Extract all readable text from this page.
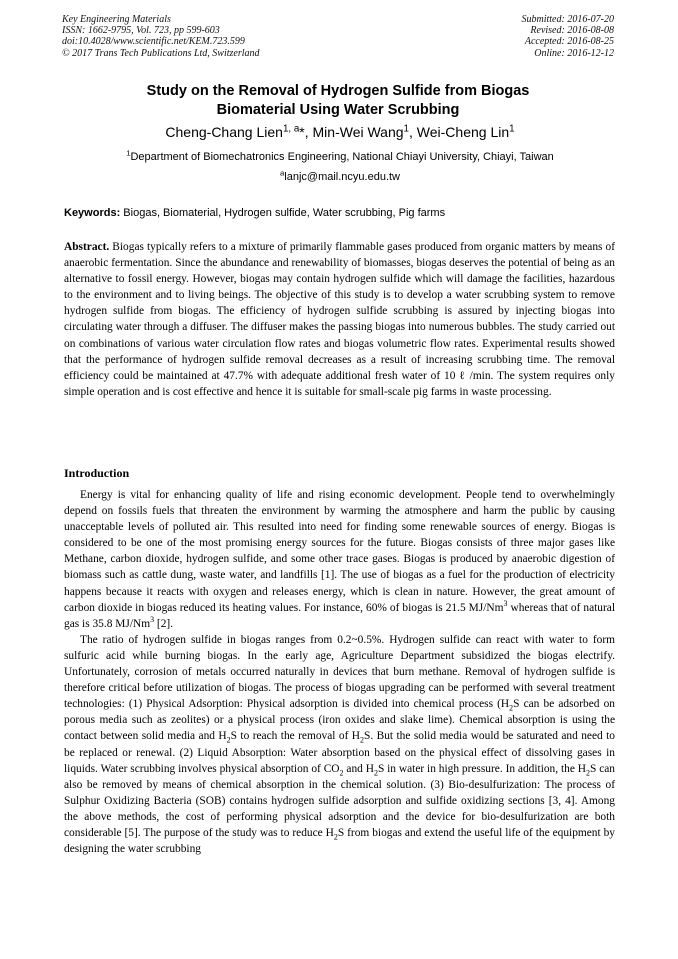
Key Engineering Materials
ISSN: 1662-9795, Vol. 723, pp 599-603
doi:10.4028/www.scientific.net/KEM.723.599
© 2017 Trans Tech Publications Ltd, Switzerland
Submitted: 2016-07-20
Revised: 2016-08-08
Accepted: 2016-08-25
Online: 2016-12-12
Study on the Removal of Hydrogen Sulfide from Biogas
Biomaterial Using Water Scrubbing
Cheng-Chang Lien$^{1, a}$*, Min-Wei Wang$^1$, Wei-Cheng Lin$^1$
$^1$Department of Biomechatronics Engineering, National Chiayi University, Chiayi, Taiwan
$^a$lanjc@mail.ncyu.edu.tw
Keywords: Biogas, Biomaterial, Hydrogen sulfide, Water scrubbing, Pig farms

Abstract. Biogas typically refers to a mixture of primarily flammable gases produced from organic matters by means of anaerobic fermentation. Since the abundance and renewability of biomasses, biogas deserves the potential of being as an alternative to fossil energy. However, biogas may contain hydrogen sulfide which will damage the facilities, hazardous to the environment and to living beings. The objective of this study is to develop a water scrubbing system to remove hydrogen sulfide from biogas. The efficiency of hydrogen sulfide scrubbing is assured by injecting biogas into circulating water through a diffuser. The diffuser makes the passing biogas into numerous bubbles. The study carried out on combinations of various water circulation flow rates and biogas volumetric flow rates. Experimental results showed that the performance of hydrogen sulfide removal decreases as a result of increasing scrubbing time. The removal efficiency could be maintained at 47.7% with adequate additional fresh water of 10 ℓ /min. The system requires only simple operation and is cost effective and hence it is suitable for small-scale pig farms in waste processing.

Introduction

Energy is vital for enhancing quality of life and rising economic development. People tend to overwhelmingly depend on fossils fuels that threaten the environment by warming the atmosphere and harm the public by causing unacceptable levels of polluted air. This resulted into need for finding some renewable sources of energy. Biogas is considered to be one of the most promising energy sources for the future. Biogas consists of three major gases like Methane, carbon dioxide, hydrogen sulfide, and some other trace gases. Biogas is produced by anaerobic digestion of biomass such as cattle dung, waste water, and landfills [1]. The use of biogas as a fuel for the production of electricity happens because it reacts with oxygen and releases energy, which is clean in nature. However, the great amount of carbon dioxide in biogas reduced its heating values. For instance, 60% of biogas is 21.5 MJ/Nm$^3$ whereas that of natural gas is 35.8 MJ/Nm$^3$ [2].

The ratio of hydrogen sulfide in biogas ranges from 0.2~0.5%. Hydrogen sulfide can react with water to form sulfuric acid while burning biogas. In the early age, Agriculture Department subsidized the biogas electrify. Unfortunately, corrosion of metals occurred naturally in devices that burn methane. Removal of hydrogen sulfide is therefore critical before utilization of biogas. The process of biogas upgrading can be performed with several treatment technologies: (1) Physical Adsorption: Physical adsorption is divided into chemical process ($H_2S$ can be adsorbed on porous media such as zeolites) or a physical process (iron oxides and slake lime). Chemical absorption is using the contact between solid media and $H_2S$ to reach the removal of $H_2S$. But the solid media would be saturated and need to be replaced or renewal. (2) Liquid Absorption: Water absorption based on the physical effect of dissolving gases in liquids. Water scrubbing involves physical absorption of $CO_2$ and $H_2S$ in water in high pressure. In addition, the $H_2S$ can also be removed by means of chemical absorption in the chemical solution. (3) Bio-desulfurization: The process of Sulphur Oxidizing Bacteria (SOB) contains hydrogen sulfide adsorption and sulfide oxidizing sections [3, 4]. Among the above methods, the cost of performing physical adsorption and the device for bio-desulfurization are both considerable [5]. The purpose of the study was to reduce $H_2S$ from biogas and extend the useful life of the equipment by designing the water scrubbing
